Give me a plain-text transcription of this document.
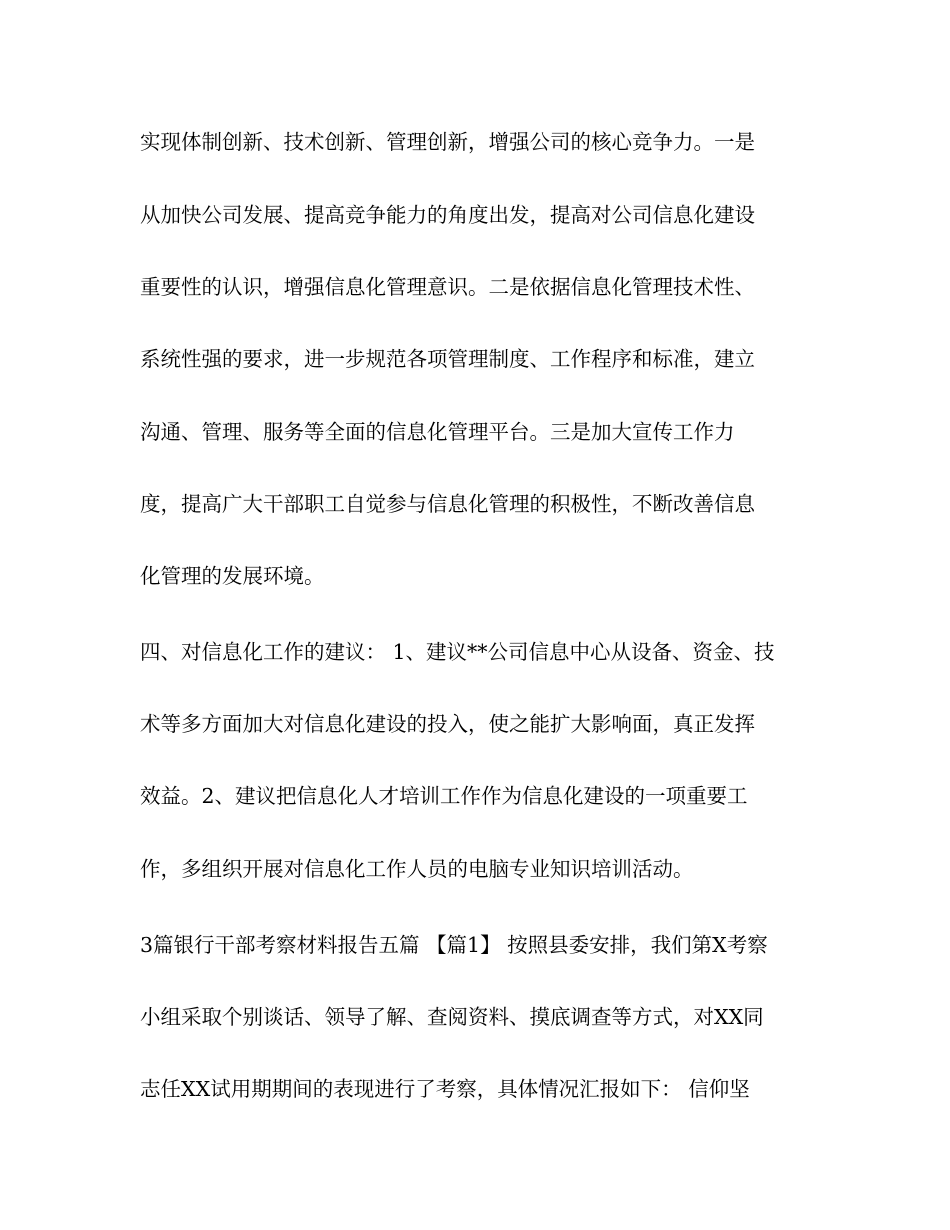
实现体制创新、技术创新、管理创新，增强公司的核心竞争力。一是
从加快公司发展、提高竞争能力的角度出发，提高对公司信息化建设
重要性的认识，增强信息化管理意识。二是依据信息化管理技术性、
系统性强的要求，进一步规范各项管理制度、工作程序和标准，建立
沟通、管理、服务等全面的信息化管理平台。三是加大宣传工作力
度，提高广大干部职工自觉参与信息化管理的积极性，不断改善信息
化管理的发展环境。
四、对信息化工作的建议： 1、建议**公司信息中心从设备、资金、技
术等多方面加大对信息化建设的投入，使之能扩大影响面，真正发挥
效益。2、建议把信息化人才培训工作作为信息化建设的一项重要工
作，多组织开展对信息化工作人员的电脑专业知识培训活动。
3篇银行干部考察材料报告五篇 【篇1】 按照县委安排，我们第X考察
小组采取个别谈话、领导了解、查阅资料、摸底调查等方式，对XX同
志任XX试用期期间的表现进行了考察，具体情况汇报如下： 信仰坚
